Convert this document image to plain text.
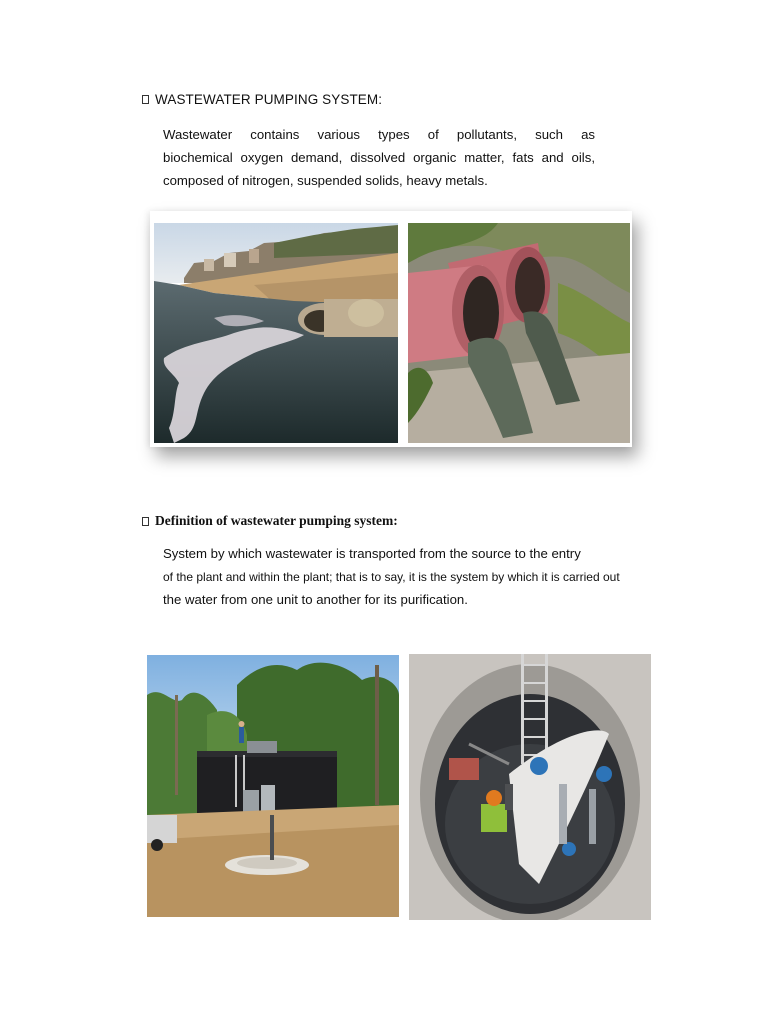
WASTEWATER PUMPING SYSTEM:
Wastewater contains various types of pollutants, such as
biochemical oxygen demand, dissolved organic matter, fats and oils,
composed of nitrogen, suspended solids, heavy metals.
Definition of wastewater pumping system:
System by which wastewater is transported from the source to the entry
of the plant and within the plant; that is to say, it is the system by which it is carried out
the water from one unit to another for its purification.
